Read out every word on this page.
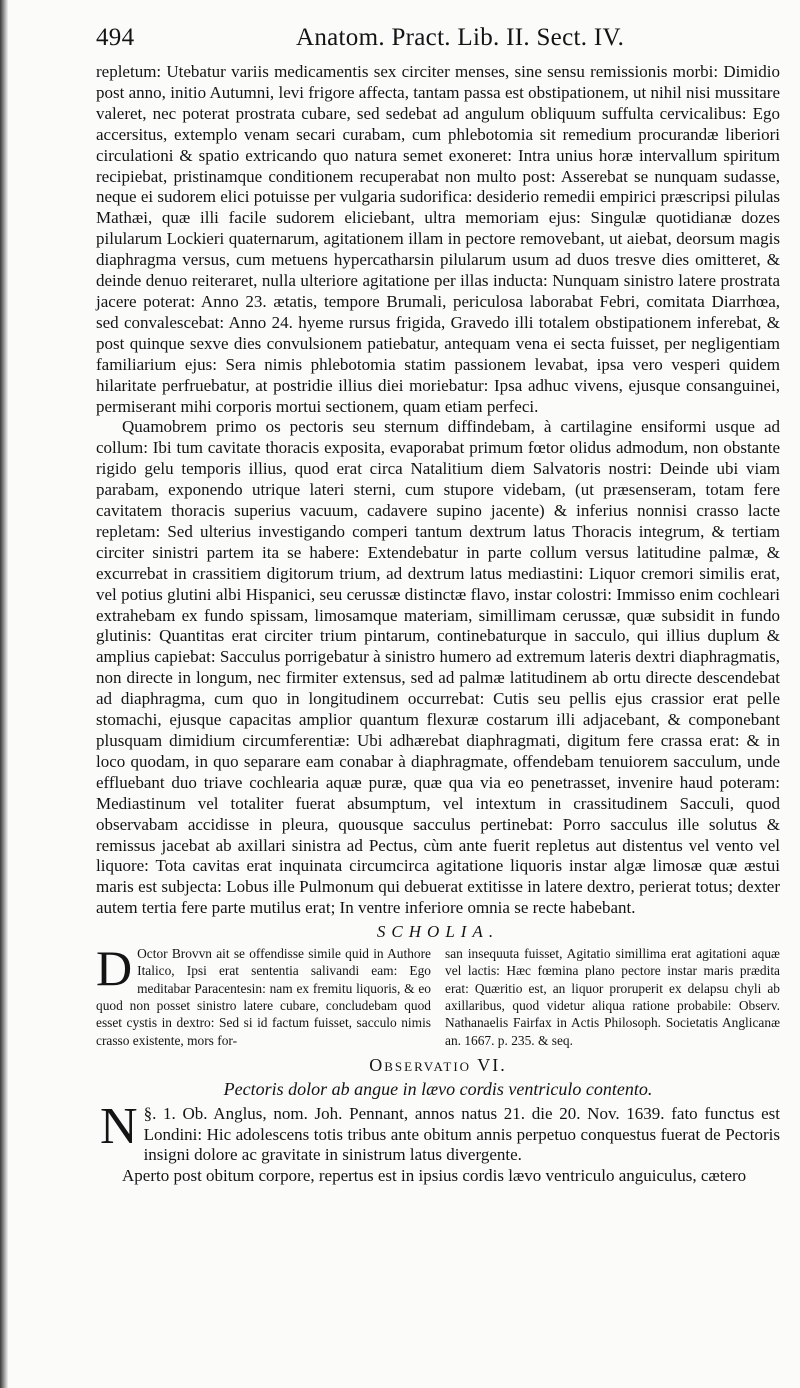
494	Anatom. Pract. Lib. II. Sect. IV.

repletum: Utebatur variis medicamentis sex circiter menses, sine sensu remissionis morbi: Dimidio post anno, initio Autumni, levi frigore affecta, tantam passa est obstipationem, ut nihil nisi mussitare valeret, nec poterat prostrata cubare, sed sedebat ad angulum obliquum suffulta cervicalibus: Ego accersitus, extemplo venam secari curabam, cum phlebotomia sit remedium procurandæ liberiori circulationi & spatio extricando quo natura semet exoneret: Intra unius horæ intervallum spiritum recipiebat, pristinamque conditionem recuperabat non multo post: Asserebat se nunquam sudasse, neque ei sudorem elici potuisse per vulgaria sudorifica: desiderio remedii empirici præscripsi pilulas Mathæi, quæ illi facile sudorem eliciebant, ultra memoriam ejus: Singulæ quotidianæ dozes pilularum Lockieri quaternarum, agitationem illam in pectore removebant, ut aiebat, deorsum magis diaphragma versus, cum metuens hypercatharsin pilularum usum ad duos tresve dies omitteret, & deinde denuo reiteraret, nulla ulteriore agitatione per illas inducta: Nunquam sinistro latere prostrata jacere poterat: Anno 23. ætatis, tempore Brumali, periculosa laborabat Febri, comitata Diarrhœa, sed convalescebat: Anno 24. hyeme rursus frigida, Gravedo illi totalem obstipationem inferebat, & post quinque sexve dies convulsionem patiebatur, antequam vena ei secta fuisset, per negligentiam familiarium ejus: Sera nimis phlebotomia statim passionem levabat, ipsa vero vesperi quidem hilaritate perfruebatur, at postridie illius diei moriebatur: Ipsa adhuc vivens, ejusque consanguinei, permiserant mihi corporis mortui sectionem, quam etiam perfeci.

Quamobrem primo os pectoris seu sternum diffindebam, à cartilagine ensiformi usque ad collum: Ibi tum cavitate thoracis exposita, evaporabat primum fœtor olidus admodum, non obstante rigido gelu temporis illius, quod erat circa Natalitium diem Salvatoris nostri: Deinde ubi viam parabam, exponendo utrique lateri sterni, cum stupore videbam, (ut præsenseram, totam fere cavitatem thoracis superius vacuum, cadavere supino jacente) & inferius nonnisi crasso lacte repletam: Sed ulterius investigando comperi tantum dextrum latus Thoracis integrum, & tertiam circiter sinistri partem ita se habere: Extendebatur in parte collum versus latitudine palmæ, & excurrebat in crassitiem digitorum trium, ad dextrum latus mediastini: Liquor cremori similis erat, vel potius glutini albi Hispanici, seu cerussæ distinctæ flavo, instar colostri: Immisso enim cochleari extrahebam ex fundo spissam, limosamque materiam, simillimam cerussæ, quæ subsidit in fundo glutinis: Quantitas erat circiter trium pintarum, continebaturque in sacculo, qui illius duplum & amplius capiebat: Sacculus porrigebatur à sinistro humero ad extremum lateris dextri diaphragmatis, non directe in longum, nec firmiter extensus, sed ad palmæ latitudinem ab ortu directe descendebat ad diaphragma, cum quo in longitudinem occurrebat: Cutis seu pellis ejus crassior erat pelle stomachi, ejusque capacitas amplior quantum flexuræ costarum illi adjacebant, & componebant plusquam dimidium circumferentiæ: Ubi adhærebat diaphragmati, digitum fere crassa erat: & in loco quodam, in quo separare eam conabar à diaphragmate, offendebam tenuiorem sacculum, unde effluebant duo triave cochlearia aquæ puræ, quæ qua via eo penetrasset, invenire haud poteram: Mediastinum vel totaliter fuerat absumptum, vel intextum in crassitudinem Sacculi, quod observabam accidisse in pleura, quousque sacculus pertinebat: Porro sacculus ille solutus & remissus jacebat ab axillari sinistra ad Pectus, cùm ante fuerit repletus aut distentus vel vento vel liquore: Tota cavitas erat inquinata circumcirca agitatione liquoris instar algæ limosæ quæ æstui maris est subjecta: Lobus ille Pulmonum qui debuerat extitisse in latere dextro, perierat totus; dexter autem tertia fere parte mutilus erat; In ventre inferiore omnia se recte habebant.

SCHOLIA.
D Octor Brovvn ait se offendisse simile quid in Authore Italico, Ipsi erat sententia salivandi eam: Ego meditabar Paracentesin: nam ex fremitu liquoris, & eo quod non posset sinistro latere cubare, concludebam quod esset cystis in dextro: Sed si id factum fuisset, sacculo nimis crasso existente, mors for-
san insequuta fuisset, Agitatio simillima erat agitationi aquæ vel lactis: Hæc fœmina plano pectore instar maris prædita erat: Quæritio est, an liquor proruperit ex delapsu chyli ab axillaribus, quod videtur aliqua ratione probabile: Observ. Nathanaelis Fairfax in Actis Philosoph. Societatis Anglicanæ an. 1667. p. 235. & seq.
Observatio VI.
Pectoris dolor ab angue in lævo cordis ventriculo contento.

§. 1.
N	Ob. Anglus, nom. Joh. Pennant, annos natus 21. die 20. Nov. 1639. fato functus est Londini: Hic adolescens totis tribus ante obitum annis perpetuo conquestus fuerat de Pectoris insigni dolore ac gravitate in sinistrum latus divergente.

Aperto post obitum corpore, repertus est in ipsius cordis lævo ventriculo anguiculus, cætero
